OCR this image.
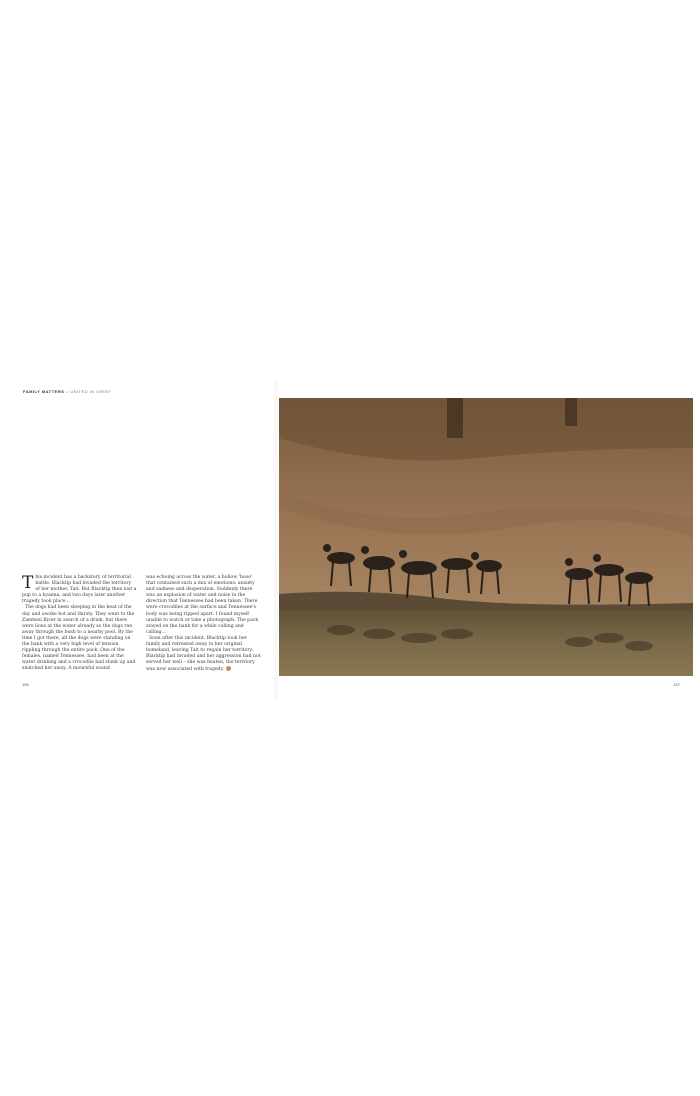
FAMILY MATTERS • UNITED IN GRIEF

This incident has a backstory of territorial battle. Blacktip had invaded the territory of her mother, Tait. But Blacktip then lost a pup to a hyaena, and two days later another tragedy took place...

The dogs had been sleeping in the heat of the day and awoke hot and thirsty. They went to the Zambezi River in search of a drink, but there were lions at the water already so the dogs ran away through the bush to a nearby pool. By the time I got there, all the dogs were standing on the bank with a very high level of tension rippling through the entire pack. One of the females, named Tennessee, had been at the water drinking and a crocodile had slunk up and snatched her away. A mournful sound

was echoing across the water, a hollow 'hooo' that contained such a mix of emotions: anxiety and sadness and desperation. Suddenly there was an explosion of water and noise in the direction that Tennessee had been taken. There were crocodiles at the surface and Tennessee's body was being ripped apart. I found myself unable to watch or take a photograph. The pack stayed on the bank for a while calling and calling...

Soon after this incident, Blacktip took her family and retreated away to her original homeland, leaving Tait to regain her territory. Blacktip had invaded and her aggression had not served her well – she was beaten, the territory was now associated with tragedy.

156	157
